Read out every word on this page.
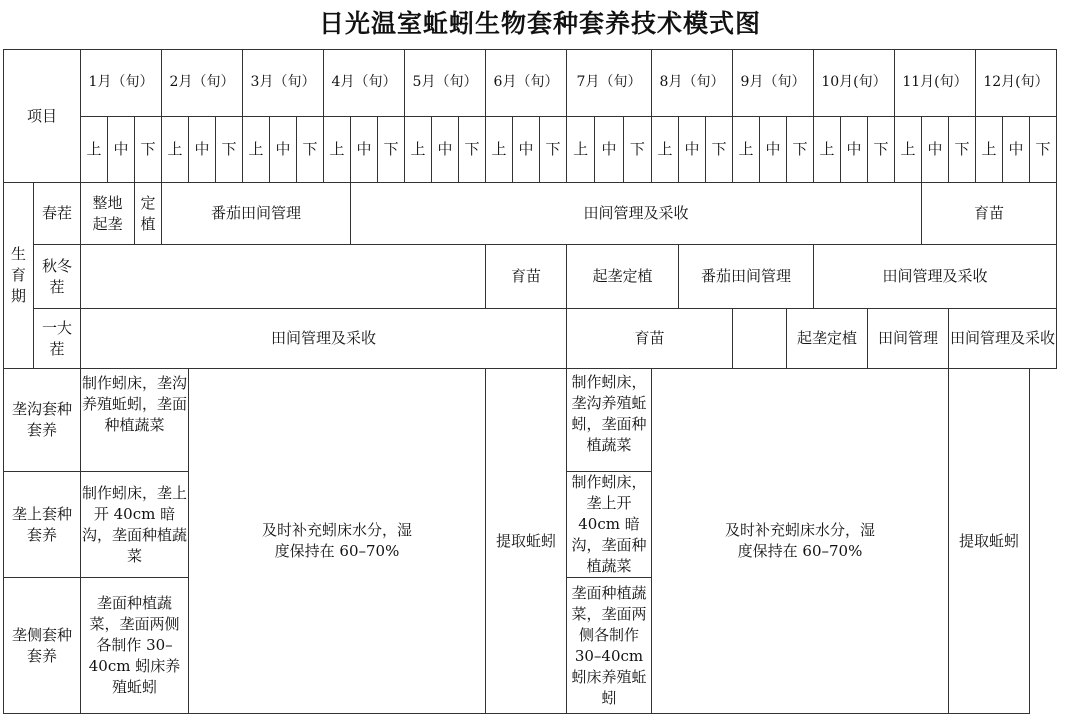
日光温室蚯蚓生物套种套养技术模式图
项目		1月（旬）			2月（旬）			3月（旬）			4月（旬）			5月（旬）			6月（旬）			7月（旬）			8月（旬）			9月（旬）			10月(旬）			11月(旬）			12月(旬）		
		上	中	下	上	中	下	上	中	下	上	中	下	上	中	下	上	中	下	上	中	下	上	中	下	上	中	下	上	中	下	上	中	下	上	中	下
生育期	春茬	整地起垄		定植	番茄田间管理							田间管理及采收																					育苗				
	秋冬茬																育苗			起垄定植				番茄田间管理					田间管理及采收								
	一大茬	田间管理及采收																		育苗								起垄定植			田间管理			田间管理及采收			
垄沟套种套养		制作蚓床，垄沟养殖蚯蚓，垄面种植蔬菜				及时补充蚓床水分，湿度保持在 60–70%											提取蚯蚓			制作蚓床，垄沟养殖蚯蚓，垄面种植蔬菜			及时补充蚓床水分，湿度保持在 60–70%											提取蚯蚓			
垄上套种套养		制作蚓床，垄上开 40cm 暗沟，垄面种植蔬菜																		制作蚓床，垄上开 40cm 暗沟，垄面种植蔬菜																	
垄侧套种套养		垄面种植蔬菜，垄面两侧各制作 30–40cm 蚓床养殖蚯蚓																		垄面种植蔬菜，垄面两侧各制作 30–40cm 蚓床养殖蚯蚓																	
